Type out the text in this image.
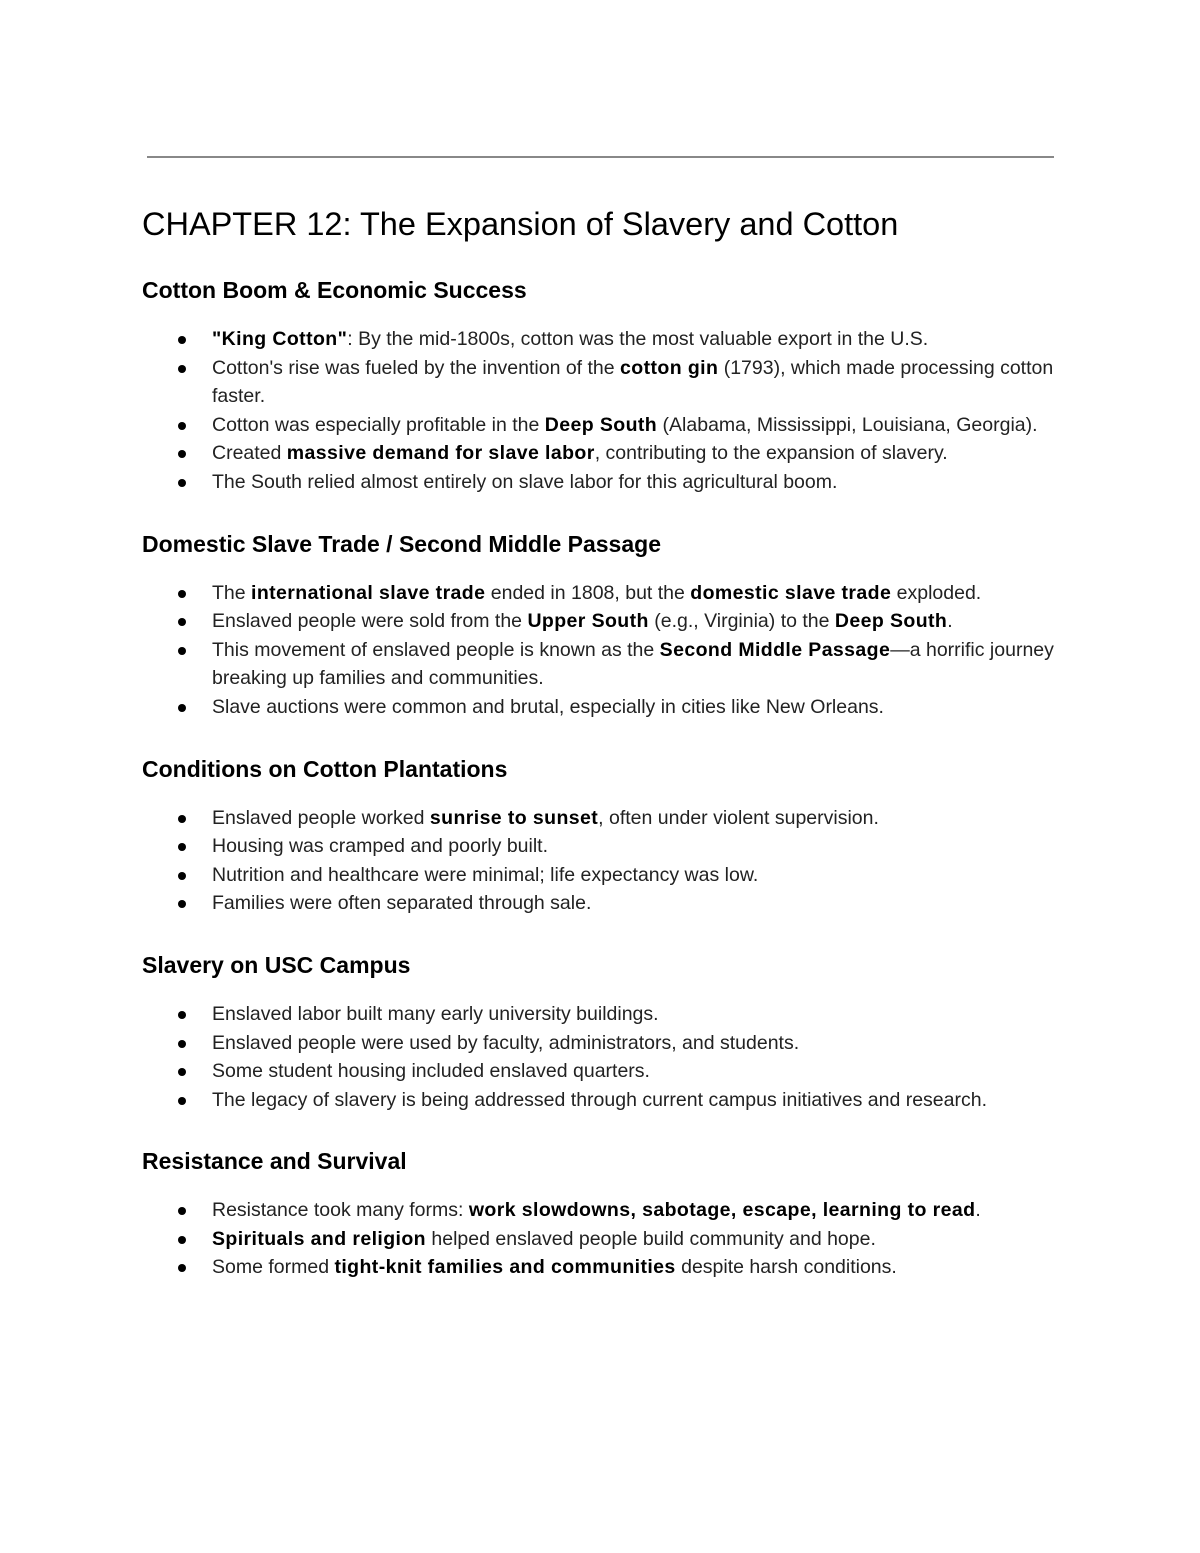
CHAPTER 12: The Expansion of Slavery and Cotton
Cotton Boom & Economic Success
"King Cotton": By the mid-1800s, cotton was the most valuable export in the U.S.
Cotton's rise was fueled by the invention of the cotton gin (1793), which made processing cotton faster.
Cotton was especially profitable in the Deep South (Alabama, Mississippi, Louisiana, Georgia).
Created massive demand for slave labor, contributing to the expansion of slavery.
The South relied almost entirely on slave labor for this agricultural boom.
Domestic Slave Trade / Second Middle Passage
The international slave trade ended in 1808, but the domestic slave trade exploded.
Enslaved people were sold from the Upper South (e.g., Virginia) to the Deep South.
This movement of enslaved people is known as the Second Middle Passage—a horrific journey breaking up families and communities.
Slave auctions were common and brutal, especially in cities like New Orleans.
Conditions on Cotton Plantations
Enslaved people worked sunrise to sunset, often under violent supervision.
Housing was cramped and poorly built.
Nutrition and healthcare were minimal; life expectancy was low.
Families were often separated through sale.
Slavery on USC Campus
Enslaved labor built many early university buildings.
Enslaved people were used by faculty, administrators, and students.
Some student housing included enslaved quarters.
The legacy of slavery is being addressed through current campus initiatives and research.
Resistance and Survival
Resistance took many forms: work slowdowns, sabotage, escape, learning to read.
Spirituals and religion helped enslaved people build community and hope.
Some formed tight-knit families and communities despite harsh conditions.
